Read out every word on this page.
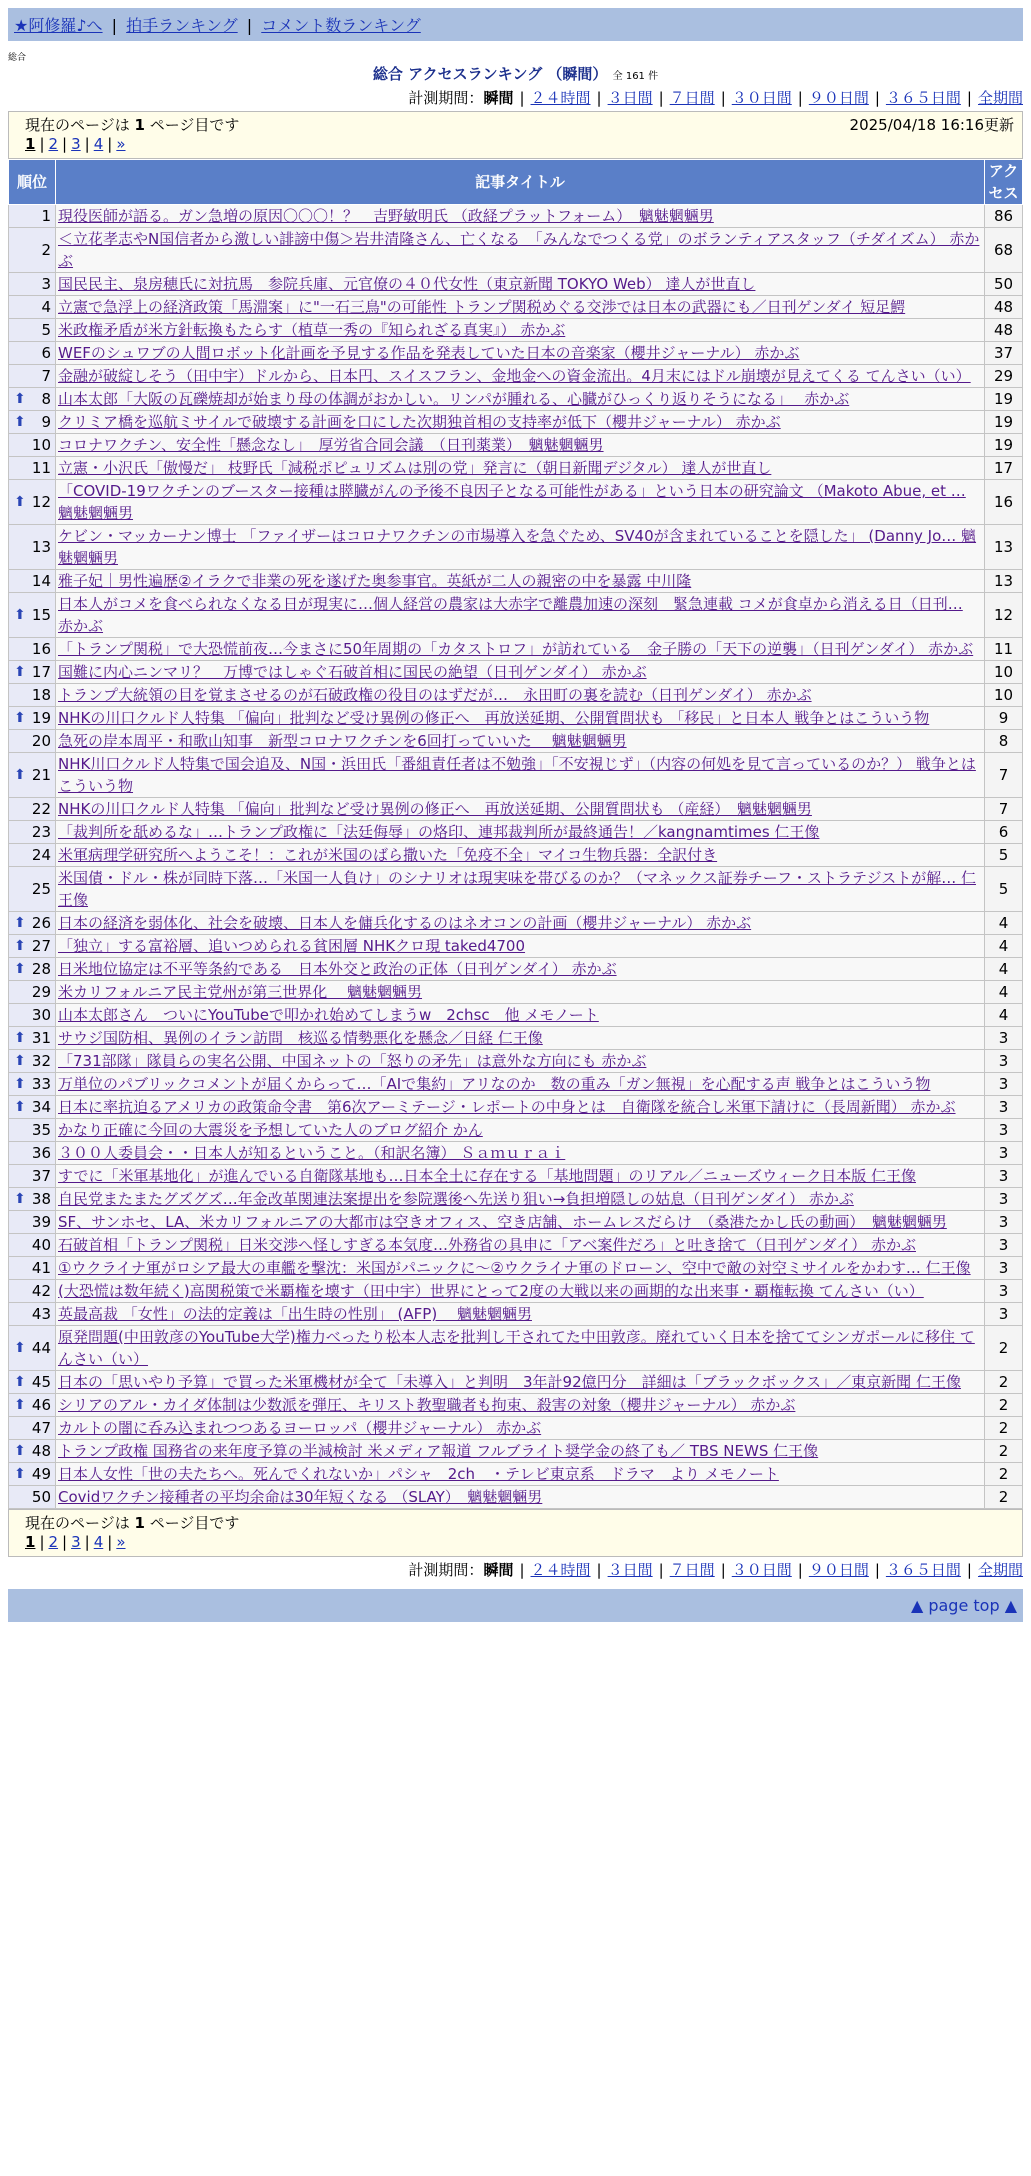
★阿修羅♪へ | 拍手ランキング | コメント数ランキング
総合
総合 アクセスランキング （瞬間） 全 161 件
計測期間：瞬間 | ２４時間 | ３日間 | ７日間 | ３０日間 | ９０日間 | ３６５日間 | 全期間
現在のページは 1 ページ目です	2025/04/18 16:16更新
1 | 2 | 3 | 4 | »
順位	記事タイトル	アクセス
1	現役医師が語る。ガン急増の原因〇〇〇！？　吉野敏明氏 （政経プラットフォーム）　魑魅魍魎男	86
2	＜立花孝志やN国信者から激しい誹謗中傷＞岩井清隆さん、亡くなる　「みんなでつくる党」のボランティアスタッフ（チダイズム） 赤かぶ	68
3	国民民主、泉房穂氏に対抗馬　参院兵庫、元官僚の４０代女性（東京新聞 TOKYO Web） 達人が世直し	50
4	立憲で急浮上の経済政策「馬淵案」に"一石三鳥"の可能性 トランプ関税めぐる交渉では日本の武器にも／日刊ゲンダイ 短足鰐	48
5	米政権矛盾が米方針転換もたらす（植草一秀の『知られざる真実』） 赤かぶ	48
6	WEFのシュワブの人間ロボット化計画を予見する作品を発表していた日本の音楽家（櫻井ジャーナル） 赤かぶ	37
7	金融が破綻しそう（田中宇）ドルから、日本円、スイスフラン、金地金への資金流出。4月末にはドル崩壊が見えてくる てんさい（い）	29

⬆ 8	山本太郎「大阪の瓦礫焼却が始まり母の体調がおかしい。リンパが腫れる、心臓がひっくり返りそうになる」　 赤かぶ	19

⬆ 9	クリミア橋を巡航ミサイルで破壊する計画を口にした次期独首相の支持率が低下（櫻井ジャーナル） 赤かぶ	19
10	コロナワクチン、安全性「懸念なし」　厚労省合同会議　（日刊薬業）　魑魅魍魎男	19
11	立憲・小沢氏「傲慢だ」 枝野氏「減税ポピュリズムは別の党」発言に（朝日新聞デジタル） 達人が世直し	17

⬆ 12	「COVID-19ワクチンのブースター接種は膵臓がんの予後不良因子となる可能性がある」という日本の研究論文 （Makoto Abue, et … 魑魅魍魎男	16
13	ケビン・マッカーナン博士 「ファイザーはコロナワクチンの市場導入を急ぐため、SV40が含まれていることを隠した」 (Danny Jo… 魑魅魍魎男	13
14	雅子妃｜男性遍歴②イラクで非業の死を遂げた奥参事官。英紙が二人の親密の中を暴露 中川隆	13

⬆ 15	日本人がコメを食べられなくなる日が現実に…個人経営の農家は大赤字で離農加速の深刻　緊急連載 コメが食卓から消える日（日刊… 赤かぶ	12
16	「トランプ関税」で大恐慌前夜…今まさに50年周期の「カタストロフ」が訪れている　金子勝の「天下の逆襲」（日刊ゲンダイ） 赤かぶ	11

⬆ 17	国難に内心ニンマリ？　万博ではしゃぐ石破首相に国民の絶望（日刊ゲンダイ） 赤かぶ	10
18	トランプ大統領の目を覚まさせるのが石破政権の役目のはずだが…　永田町の裏を読む（日刊ゲンダイ） 赤かぶ	10

⬆ 19	NHKの川口クルド人特集 「偏向」批判など受け異例の修正へ　再放送延期、公開質問状も 「移民」と日本人 戦争とはこういう物	9
20	急死の岸本周平・和歌山知事　新型コロナワクチンを6回打っていいた　 魑魅魍魎男	8

⬆ 21	NHK川口クルド人特集で国会追及、N国・浜田氏「番組責任者は不勉強」「不安視じず」（内容の何処を見て言っているのか？） 戦争とはこういう物	7
22	NHKの川口クルド人特集 「偏向」批判など受け異例の修正へ　再放送延期、公開質問状も （産経）　魑魅魍魎男	7
23	「裁判所を舐めるな」…トランプ政権に「法廷侮辱」の烙印、連邦裁判所が最終通告！／kangnamtimes 仁王像	6
24	米軍病理学研究所へようこそ！：これが米国のばら撒いた「免疫不全」マイコ生物兵器：全訳付き	5
25	米国債・ドル・株が同時下落…「米国一人負け」のシナリオは現実味を帯びるのか？（マネックス証券チーフ・ストラテジストが解… 仁王像	5

⬆ 26	日本の経済を弱体化、社会を破壊、日本人を傭兵化するのはネオコンの計画（櫻井ジャーナル） 赤かぶ	4

⬆ 27	「独立」する富裕層、追いつめられる貧困層 NHKクロ現 taked4700	4

⬆ 28	日米地位協定は不平等条約である　日本外交と政治の正体（日刊ゲンダイ） 赤かぶ	4
29	米カリフォルニア民主党州が第三世界化　 魑魅魍魎男	4
30	山本太郎さん　ついにYouTubeで叩かれ始めてしまうw　2chsc　他 メモノート	4

⬆ 31	サウジ国防相、異例のイラン訪問　核巡る情勢悪化を懸念／日経 仁王像	3

⬆ 32	「731部隊」隊員らの実名公開、中国ネットの「怒りの矛先」は意外な方向にも 赤かぶ	3

⬆ 33	万単位のパブリックコメントが届くからって…「AIで集約」アリなのか　数の重み「ガン無視」を心配する声 戦争とはこういう物	3

⬆ 34	日本に率抗迫るアメリカの政策命令書　第6次アーミテージ・レポートの中身とは　自衛隊を統合し米軍下請けに（長周新聞） 赤かぶ	3
35	かなり正確に今回の大震災を予想していた人のブログ紹介 かん	3
36	３００人委員会・・日本人が知るということ。（和訳名簿） Ｓａｍｕｒａｉ	3
37	すでに「米軍基地化」が進んでいる自衛隊基地も…日本全土に存在する「基地問題」のリアル／ニューズウィーク日本版 仁王像	3

⬆ 38	自民党またまたグズグズ…年金改革関連法案提出を参院選後へ先送り狙い→負担増隠しの姑息（日刊ゲンダイ） 赤かぶ	3
39	SF、サンホセ、LA、米カリフォルニアの大都市は空きオフィス、空き店舗、ホームレスだらけ　（桑港たかし氏の動画）　魑魅魍魎男	3
40	石破首相「トランプ関税」日米交渉へ怪しすぎる本気度…外務省の具申に「アベ案件だろ」と吐き捨て（日刊ゲンダイ） 赤かぶ	3
41	①ウクライナ軍がロシア最大の車艦を撃沈：米国がパニックに～②ウクライナ軍のドローン、空中で敵の対空ミサイルをかわす… 仁王像	3
42	(大恐慌は数年続く)高関税策で米覇権を壊す（田中宇）世界にとって2度の大戦以来の画期的な出来事・覇権転換 てんさい（い）	3
43	英最高裁 「女性」の法的定義は「出生時の性別」 (AFP)　 魑魅魍魎男	3

⬆ 44	原発問題(中田敦彦のYouTube大学)権力べったり松本人志を批判し干されてた中田敦彦。廃れていく日本を捨ててシンガポールに移住 てんさい（い）	2

⬆ 45	日本の「思いやり予算」で買った米軍機材が全て「未導入」と判明　3年計92億円分　詳細は「ブラックボックス」／東京新聞 仁王像	2

⬆ 46	シリアのアル・カイダ体制は少数派を弾圧、キリスト教聖職者も拘束、殺害の対象（櫻井ジャーナル） 赤かぶ	2
47	カルトの闇に呑み込まれつつあるヨーロッパ（櫻井ジャーナル） 赤かぶ	2

⬆ 48	トランプ政権 国務省の来年度予算の半減検討 米メディア報道 フルブライト奨学金の終了も／ TBS NEWS 仁王像	2

⬆ 49	日本人女性「世の夫たちへ。死んでくれないか」パシャ　2ch　・テレビ東京系　ドラマ　より メモノート	2
50	Covidワクチン接種者の平均余命は30年短くなる （SLAY）　魑魅魍魎男	2
現在のページは 1 ページ目です
1 | 2 | 3 | 4 | »
計測期間：瞬間 | ２４時間 | ３日間 | ７日間 | ３０日間 | ９０日間 | ３６５日間 | 全期間
▲ page top ▲
